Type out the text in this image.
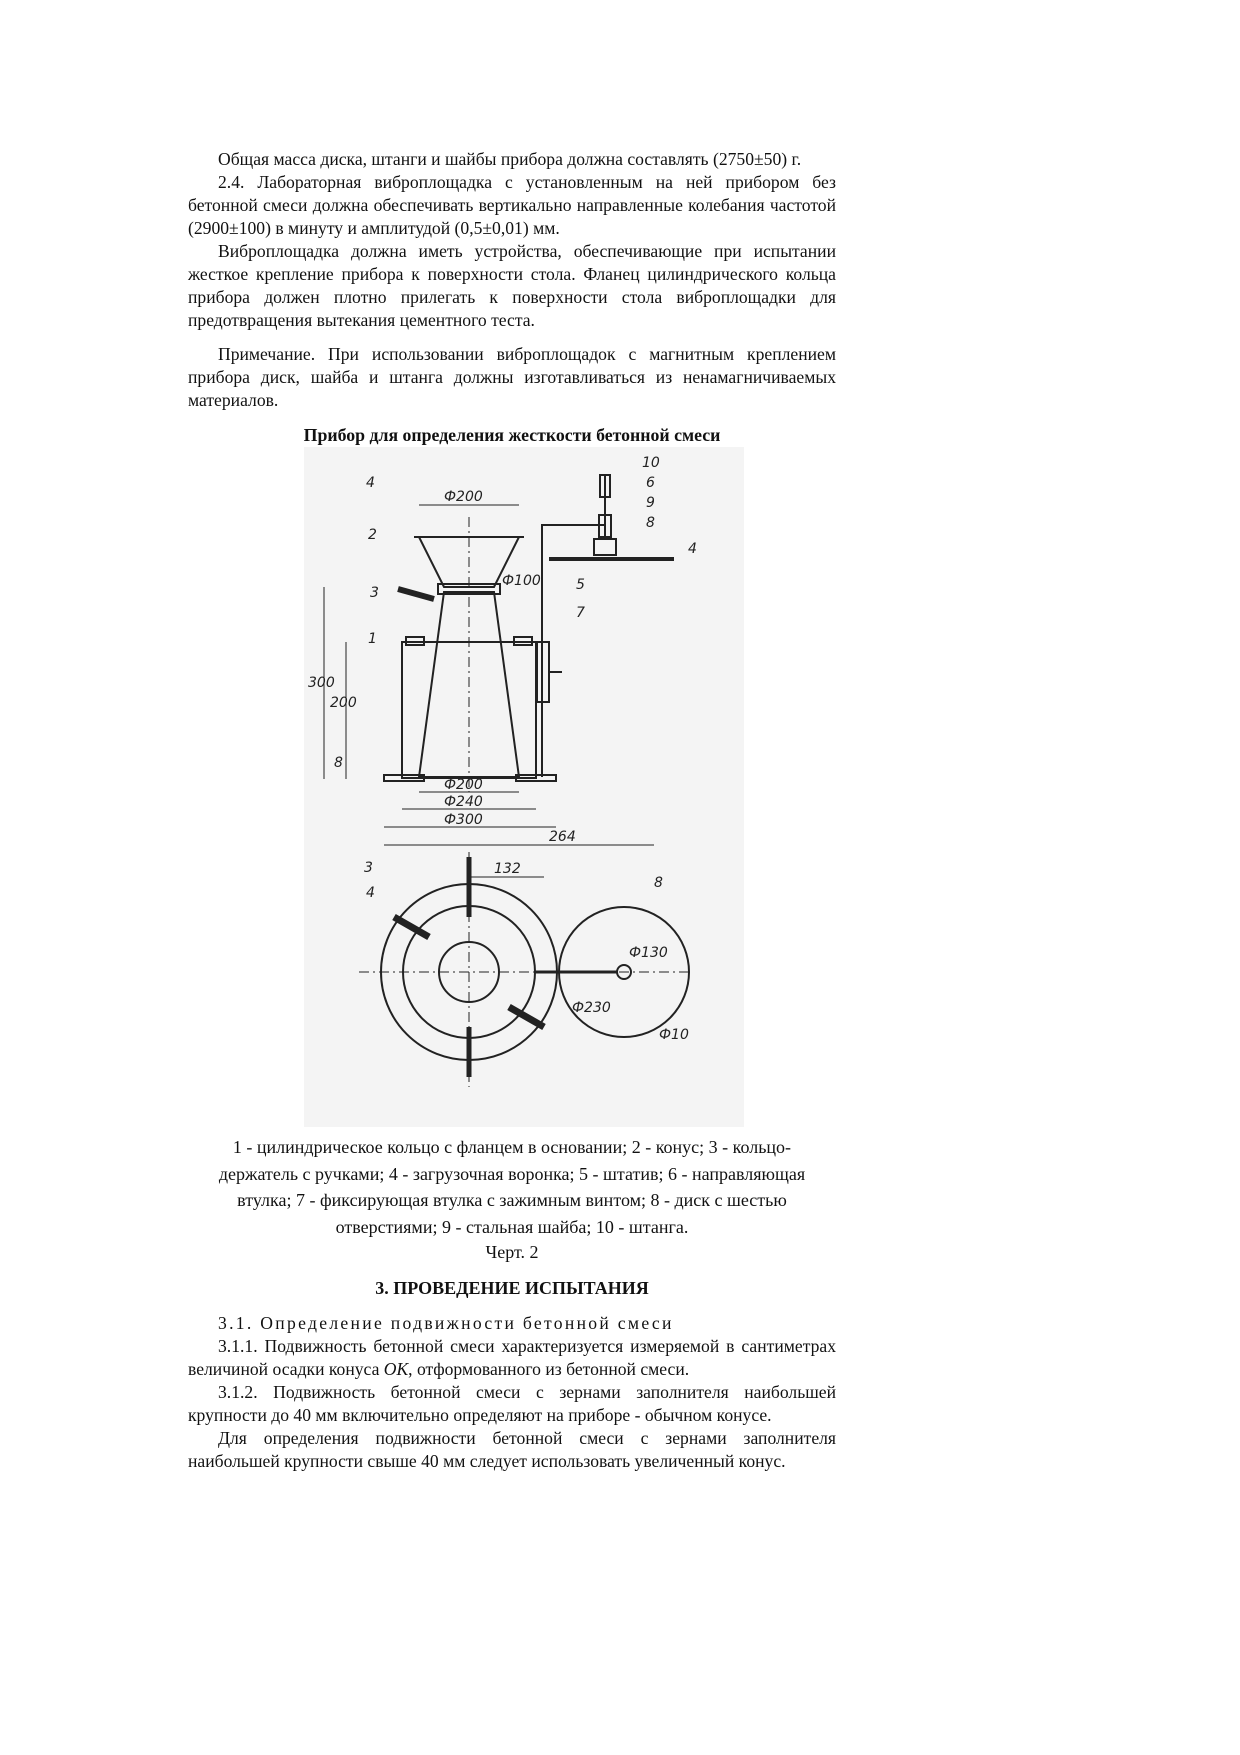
Общая масса диска, штанги и шайбы прибора должна составлять (2750±50) г.

2.4. Лабораторная виброплощадка с установленным на ней прибором без бетонной смеси должна обеспечивать вертикально направленные колебания частотой (2900±100) в минуту и амплитудой (0,5±0,01) мм.

Виброплощадка должна иметь устройства, обеспечивающие при испытании жесткое крепление прибора к поверхности стола. Фланец цилиндрического кольца прибора должен плотно прилегать к поверхности стола виброплощадки для предотвращения вытекания цементного теста.

Примечание. При использовании виброплощадок с магнитным креплением прибора диск, шайба и штанга должны изготавливаться из ненамагничиваемых материалов.

Прибор для определения жесткости бетонной смеси
10
6
9
8
4
2
3
1
5
7
Ф200
Ф100
4
300
200
8
Ф200
Ф240
Ф300
264
132
3
4
8
Ф130
Ф230
Ф10
1 - цилиндрическое кольцо с фланцем в основании; 2 - конус; 3 - кольцо-держатель с ручками; 4 - загрузочная воронка; 5 - штатив; 6 - направляющая втулка; 7 - фиксирующая втулка с зажимным винтом; 8 - диск с шестью отверстиями; 9 - стальная шайба; 10 - штанга.
Черт. 2
3. ПРОВЕДЕНИЕ ИСПЫТАНИЯ

3.1. Определение подвижности бетонной смеси

3.1.1. Подвижность бетонной смеси характеризуется измеряемой в сантиметрах величиной осадки конуса ОК, отформованного из бетонной смеси.

3.1.2. Подвижность бетонной смеси с зернами заполнителя наибольшей крупности до 40 мм включительно определяют на приборе - обычном конусе.

Для определения подвижности бетонной смеси с зернами заполнителя наибольшей крупности свыше 40 мм следует использовать увеличенный конус.
